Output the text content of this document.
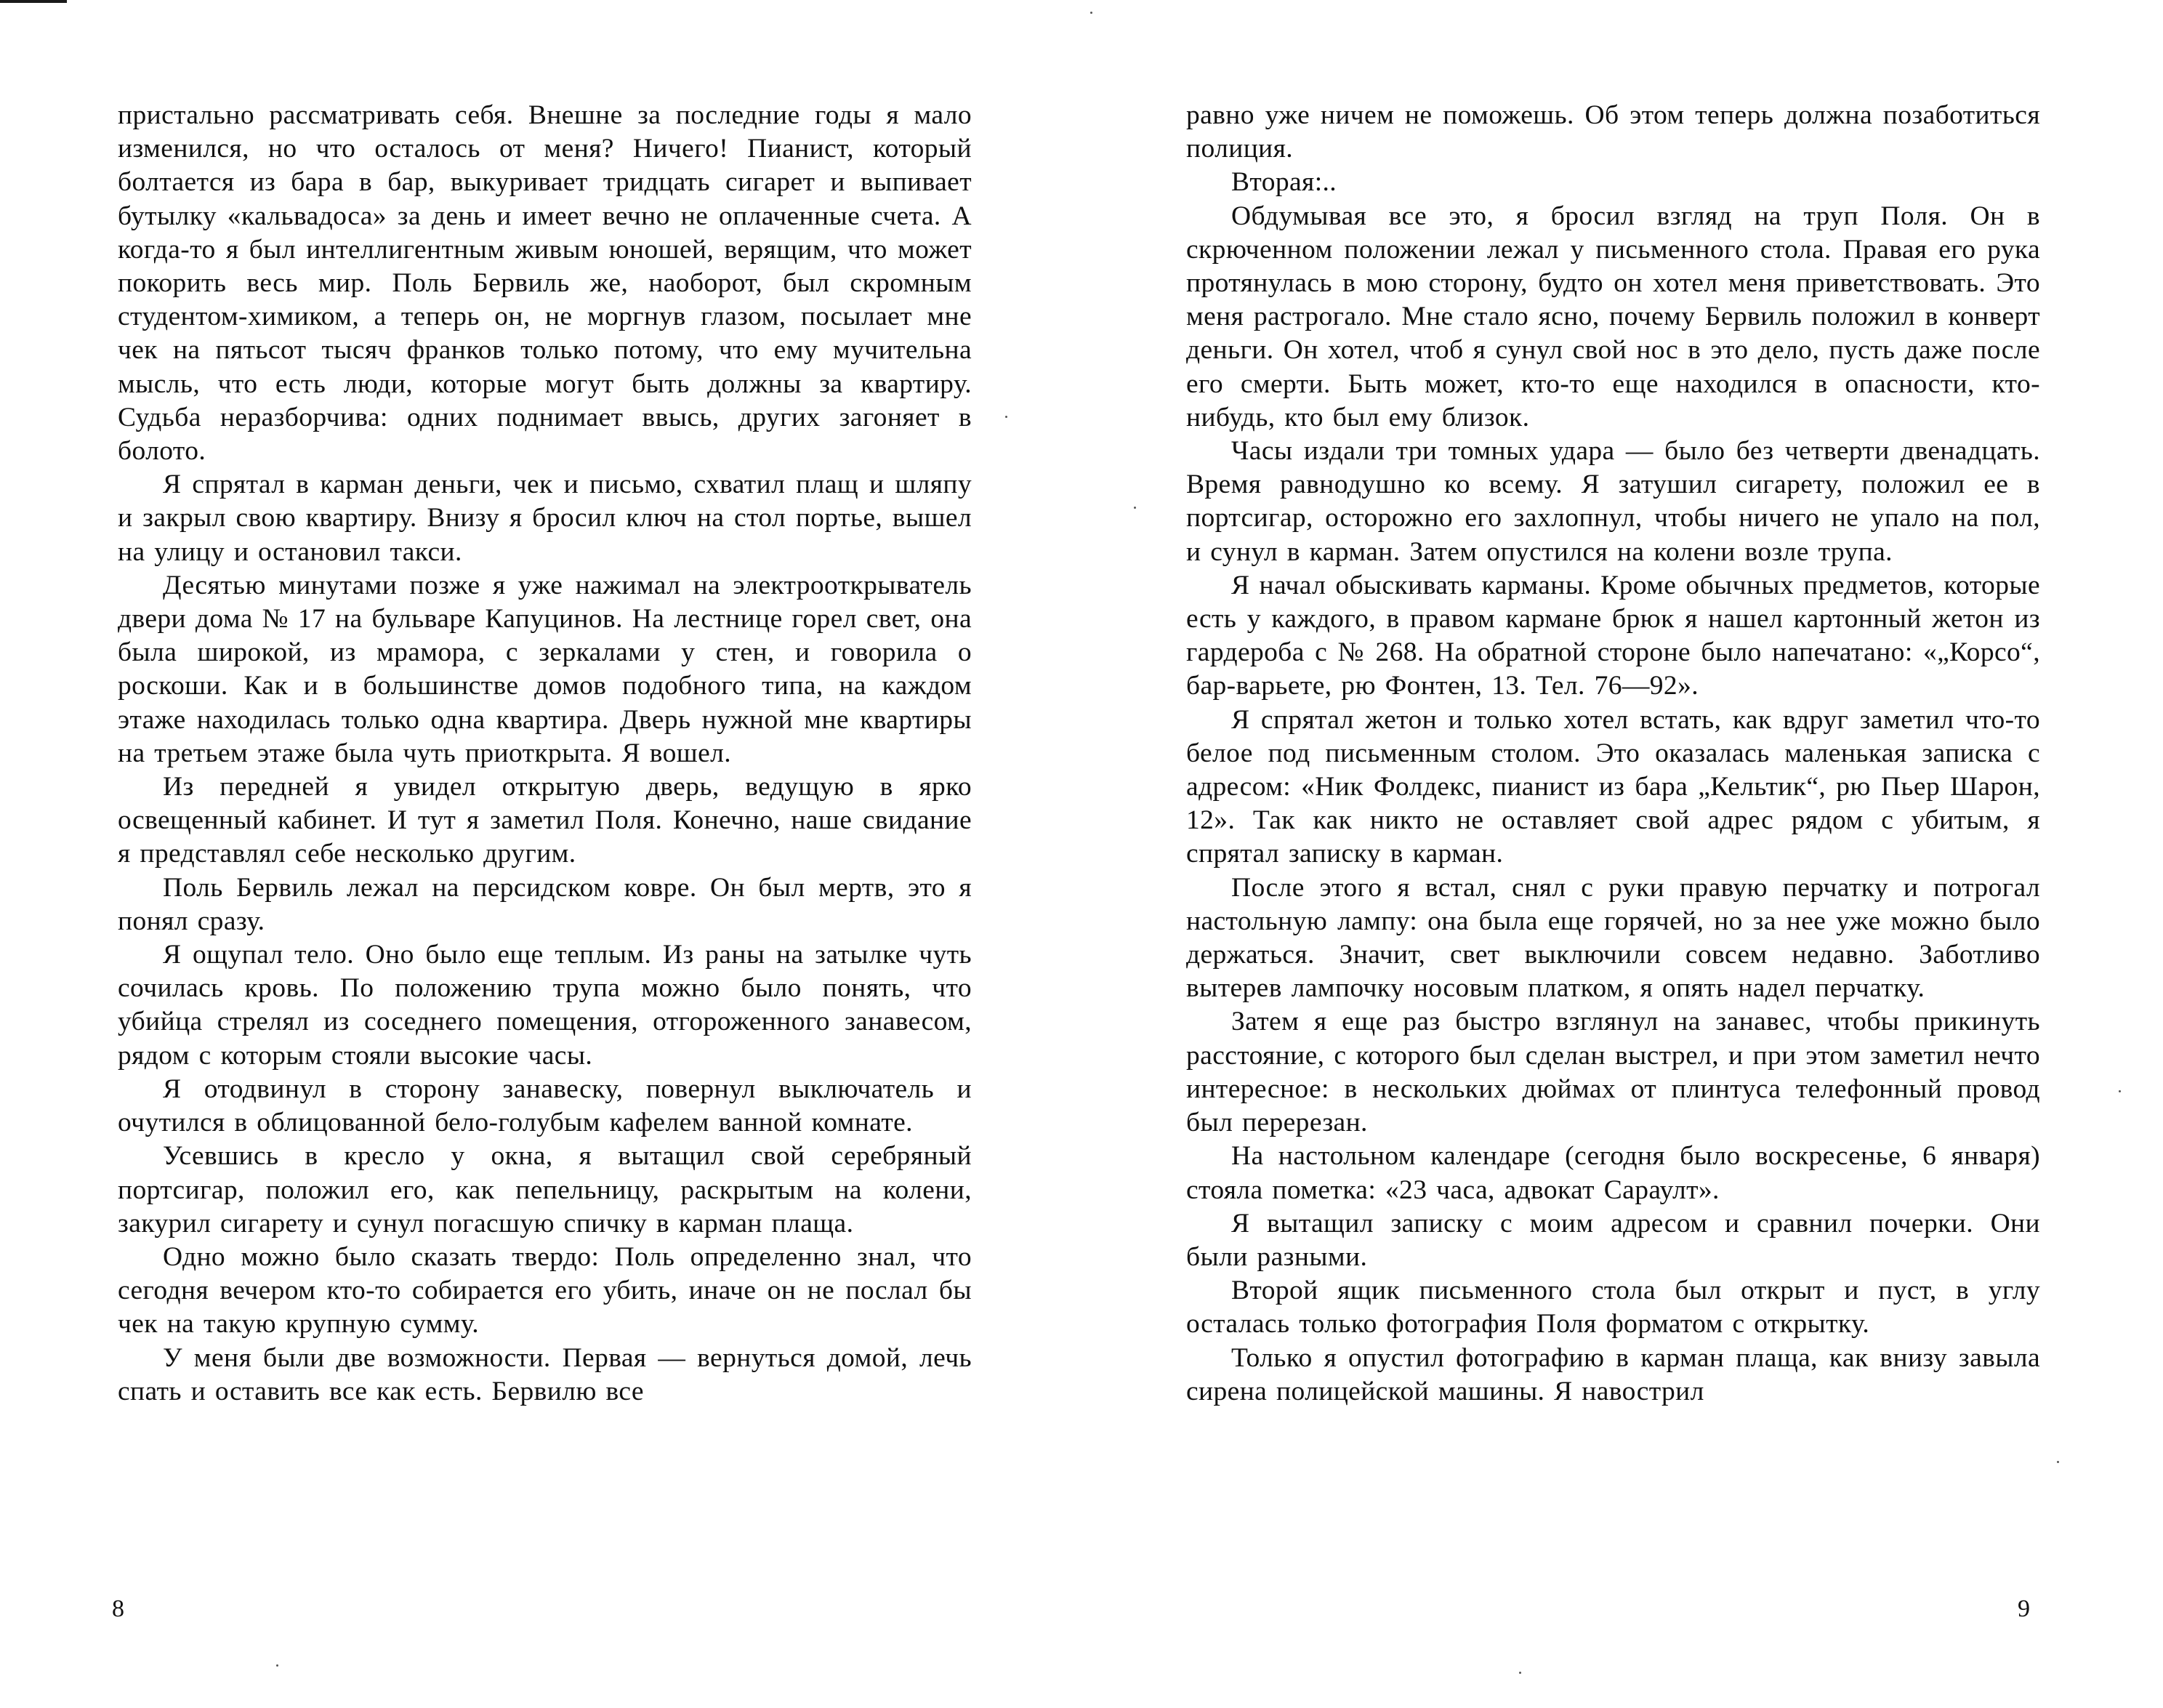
пристально рассматривать себя. Внешне за последние годы я мало изменился, но что осталось от меня? Ничего! Пианист, который болтается из бара в бар, выкуривает тридцать сигарет и выпивает бутылку «кальвадоса» за день и имеет вечно не оплаченные счета. А когда-то я был интеллигентным живым юношей, верящим, что может покорить весь мир. Поль Бервиль же, наоборот, был скромным студентом-химиком, а теперь он, не моргнув глазом, посылает мне чек на пятьсот тысяч франков только потому, что ему мучительна мысль, что есть люди, которые могут быть должны за квартиру. Судьба неразборчива: одних поднимает ввысь, других загоняет в болото.

Я спрятал в карман деньги, чек и письмо, схватил плащ и шляпу и закрыл свою квартиру. Внизу я бросил ключ на стол портье, вышел на улицу и остановил такси.

Десятью минутами позже я уже нажимал на электрооткрыватель двери дома № 17 на бульваре Капуцинов. На лестнице горел свет, она была широкой, из мрамора, с зеркалами у стен, и говорила о роскоши. Как и в большинстве домов подобного типа, на каждом этаже находилась только одна квартира. Дверь нужной мне квартиры на третьем этаже была чуть приоткрыта. Я вошел.

Из передней я увидел открытую дверь, ведущую в ярко освещенный кабинет. И тут я заметил Поля. Конечно, наше свидание я представлял себе несколько другим.

Поль Бервиль лежал на персидском ковре. Он был мертв, это я понял сразу.

Я ощупал тело. Оно было еще теплым. Из раны на затылке чуть сочилась кровь. По положению трупа можно было понять, что убийца стрелял из соседнего помещения, отгороженного занавесом, рядом с которым стояли высокие часы.

Я отодвинул в сторону занавеску, повернул выключатель и очутился в облицованной бело-голубым кафелем ванной комнате.

Усевшись в кресло у окна, я вытащил свой серебряный портсигар, положил его, как пепельницу, раскрытым на колени, закурил сигарету и сунул погасшую спичку в карман плаща.

Одно можно было сказать твердо: Поль определенно знал, что сегодня вечером кто-то собирается его убить, иначе он не послал бы чек на такую крупную сумму.

У меня были две возможности. Первая — вернуться домой, лечь спать и оставить все как есть. Бервилю все

равно уже ничем не поможешь. Об этом теперь должна позаботиться полиция.

Вторая:..

Обдумывая все это, я бросил взгляд на труп Поля. Он в скрюченном положении лежал у письменного стола. Правая его рука протянулась в мою сторону, будто он хотел меня приветствовать. Это меня растрогало. Мне стало ясно, почему Бервиль положил в конверт деньги. Он хотел, чтоб я сунул свой нос в это дело, пусть даже после его смерти. Быть может, кто-то еще находился в опасности, кто-нибудь, кто был ему близок.

Часы издали три томных удара — было без четверти двенадцать. Время равнодушно ко всему. Я затушил сигарету, положил ее в портсигар, осторожно его захлопнул, чтобы ничего не упало на пол, и сунул в карман. Затем опустился на колени возле трупа.

Я начал обыскивать карманы. Кроме обычных предметов, которые есть у каждого, в правом кармане брюк я нашел картонный жетон из гардероба с № 268. На обратной стороне было напечатано: «„Корсо“, бар-варьете, рю Фонтен, 13. Тел. 76—92».

Я спрятал жетон и только хотел встать, как вдруг заметил что-то белое под письменным столом. Это оказалась маленькая записка с адресом: «Ник Фолдекс, пианист из бара „Кельтик“, рю Пьер Шарон, 12». Так как никто не оставляет свой адрес рядом с убитым, я спрятал записку в карман.

После этого я встал, снял с руки правую перчатку и потрогал настольную лампу: она была еще горячей, но за нее уже можно было держаться. Значит, свет выключили совсем недавно. Заботливо вытерев лампочку носовым платком, я опять надел перчатку.

Затем я еще раз быстро взглянул на занавес, чтобы прикинуть расстояние, с которого был сделан выстрел, и при этом заметил нечто интересное: в нескольких дюймах от плинтуса телефонный провод был перерезан.

На настольном календаре (сегодня было воскресенье, 6 января) стояла пометка: «23 часа, адвокат Сараулт».

Я вытащил записку с моим адресом и сравнил почерки. Они были разными.

Второй ящик письменного стола был открыт и пуст, в углу осталась только фотография Поля форматом с открытку.

Только я опустил фотографию в карман плаща, как внизу завыла сирена полицейской машины. Я навострил

8	9
